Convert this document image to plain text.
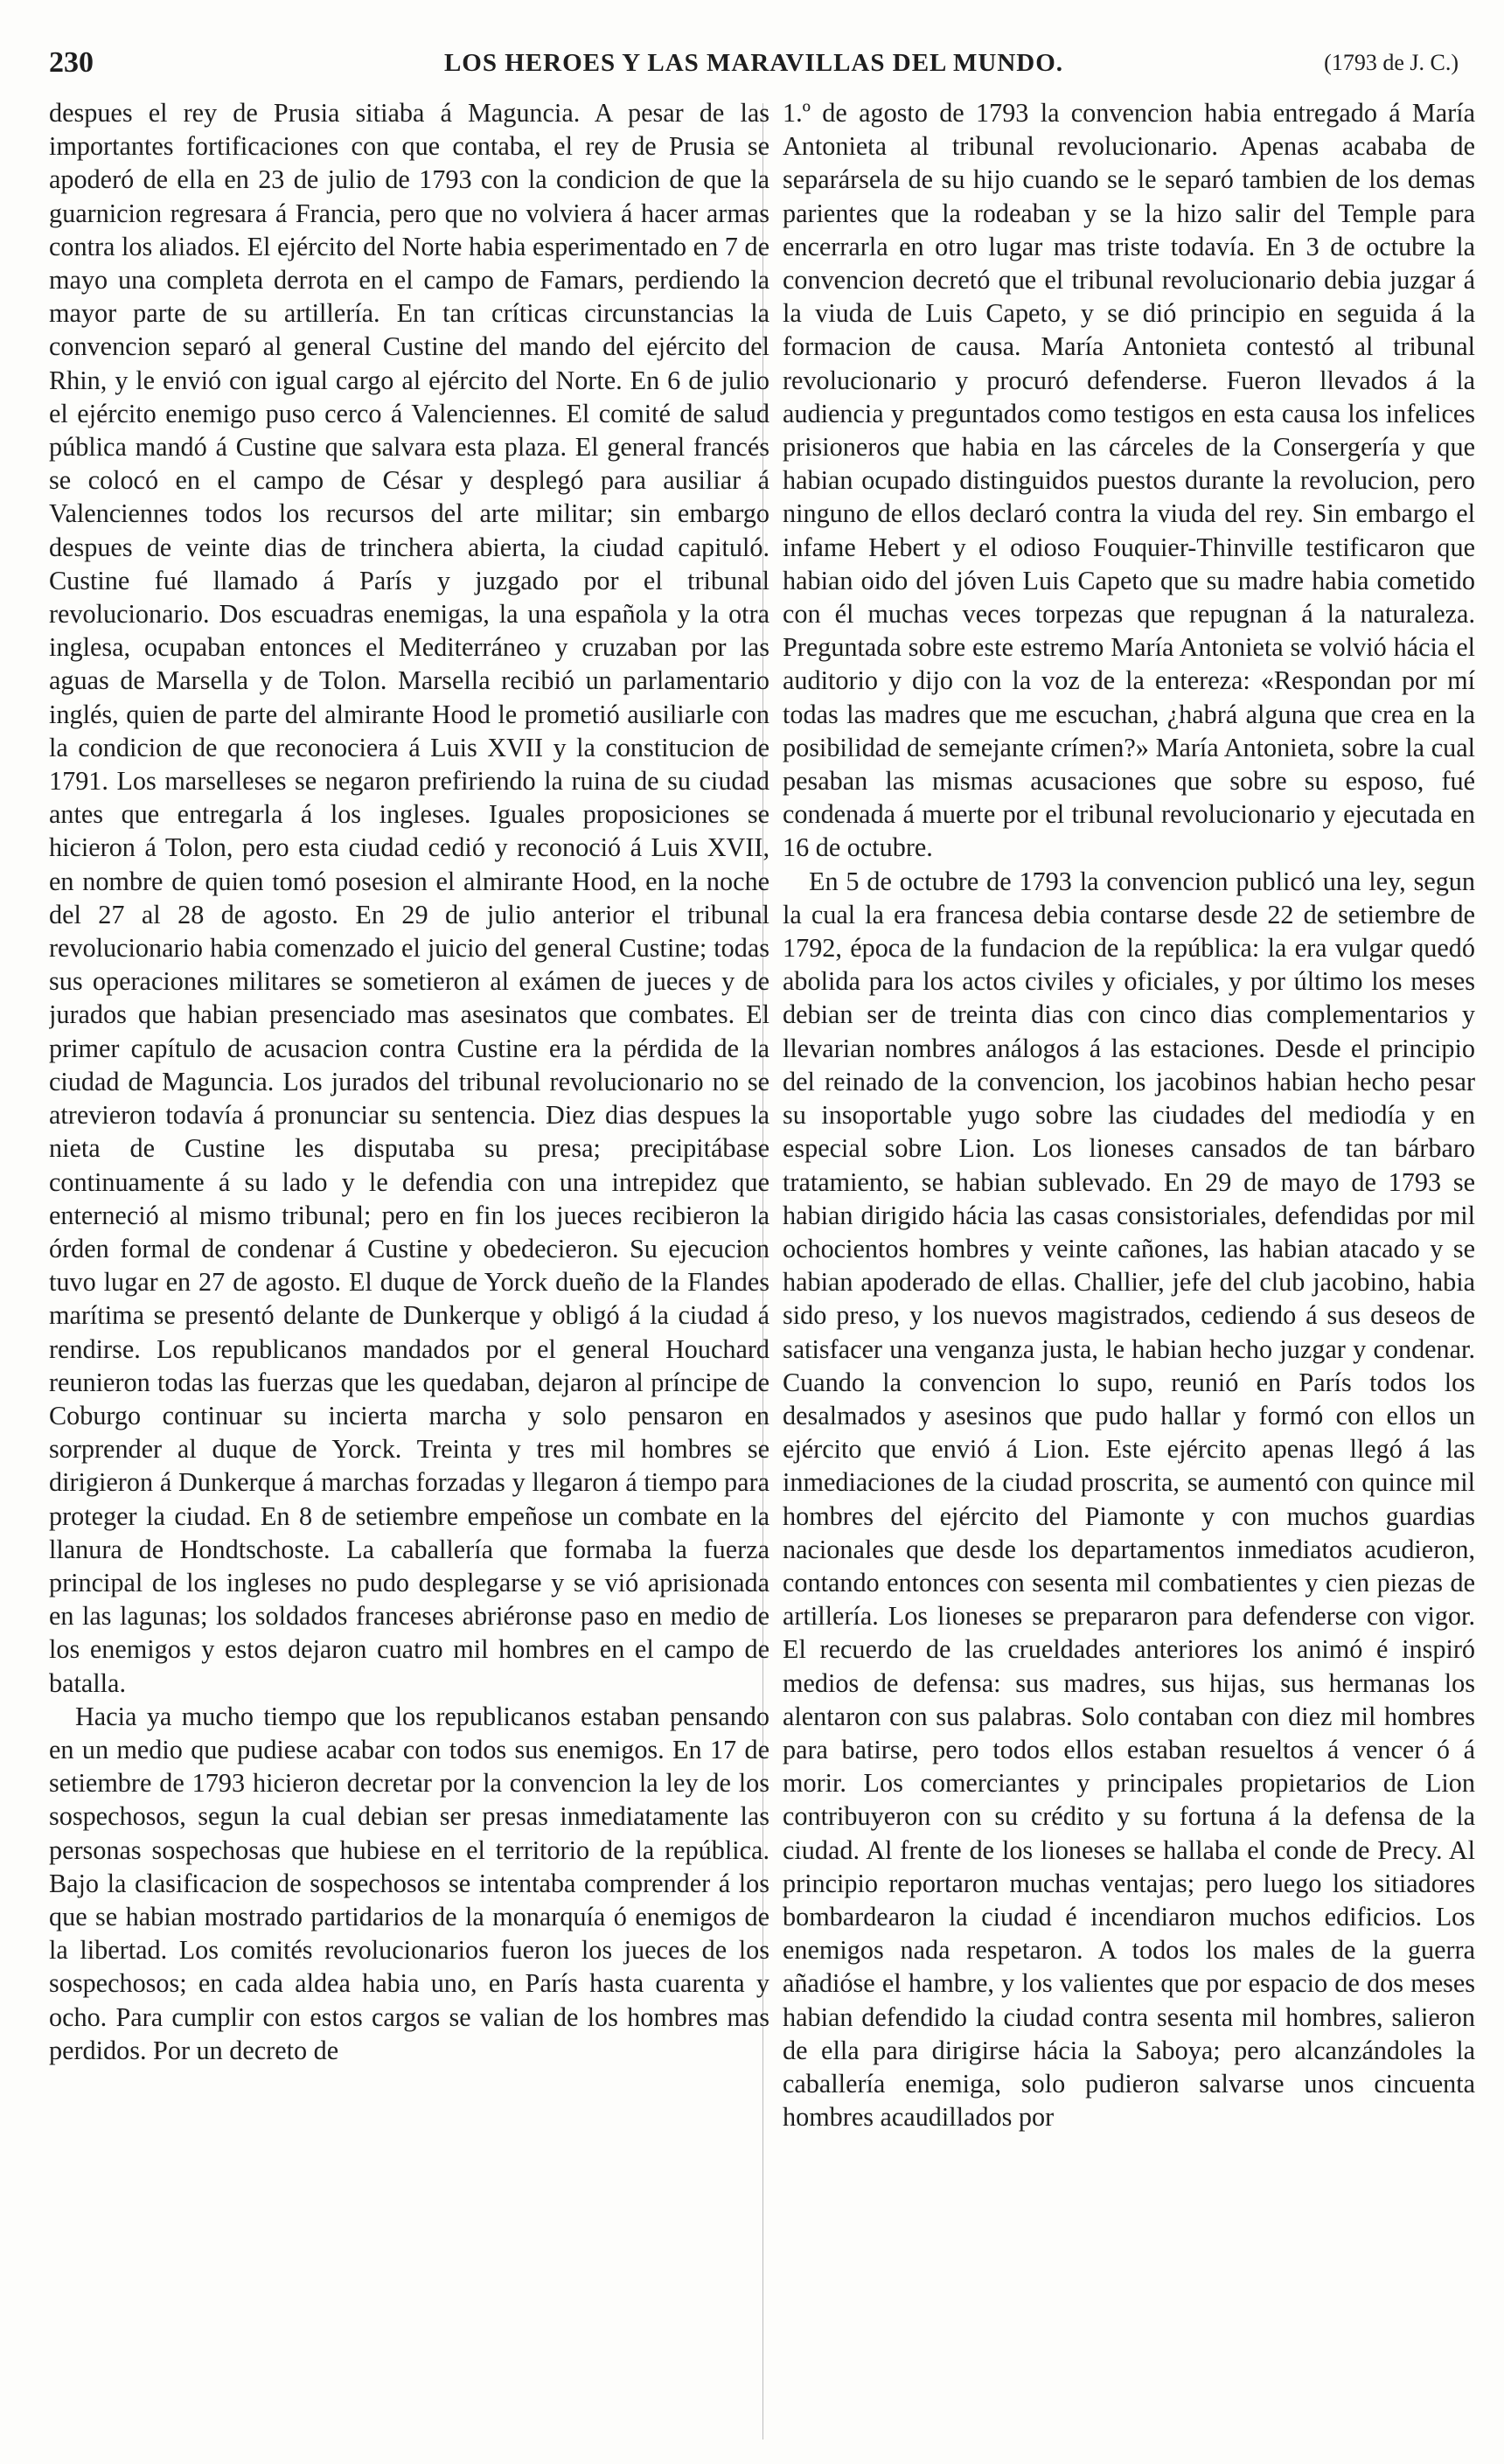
LOS HEROES Y LAS MARAVILLAS DEL MUNDO.
230	(1793 de J. C.)

despues el rey de Prusia sitiaba á Maguncia. A pesar de las importantes fortificaciones con que contaba, el rey de Prusia se apoderó de ella en 23 de julio de 1793 con la condicion de que la guarnicion regresara á Francia, pero que no volviera á hacer armas contra los aliados. El ejército del Norte habia esperimentado en 7 de mayo una completa derrota en el campo de Famars, perdiendo la mayor parte de su artillería. En tan críticas circunstancias la convencion separó al general Custine del mando del ejército del Rhin, y le envió con igual cargo al ejército del Norte. En 6 de julio el ejército enemigo puso cerco á Valenciennes. El comité de salud pública mandó á Custine que salvara esta plaza. El general francés se colocó en el campo de César y desplegó para ausiliar á Valenciennes todos los recursos del arte militar; sin embargo despues de veinte dias de trinchera abierta, la ciudad capituló. Custine fué llamado á París y juzgado por el tribunal revolucionario. Dos escuadras enemigas, la una española y la otra inglesa, ocupaban entonces el Mediterráneo y cruzaban por las aguas de Marsella y de Tolon. Marsella recibió un parlamentario inglés, quien de parte del almirante Hood le prometió ausiliarle con la condicion de que reconociera á Luis XVII y la constitucion de 1791. Los marselleses se negaron prefiriendo la ruina de su ciudad antes que entregarla á los ingleses. Iguales proposiciones se hicieron á Tolon, pero esta ciudad cedió y reconoció á Luis XVII, en nombre de quien tomó posesion el almirante Hood, en la noche del 27 al 28 de agosto. En 29 de julio anterior el tribunal revolucionario habia comenzado el juicio del general Custine; todas sus operaciones militares se sometieron al exámen de jueces y de jurados que habian presenciado mas asesinatos que combates. El primer capítulo de acusacion contra Custine era la pérdida de la ciudad de Maguncia. Los jurados del tribunal revolucionario no se atrevieron todavía á pronunciar su sentencia. Diez dias despues la nieta de Custine les disputaba su presa; precipitábase continuamente á su lado y le defendia con una intrepidez que enterneció al mismo tribunal; pero en fin los jueces recibieron la órden formal de condenar á Custine y obedecieron. Su ejecucion tuvo lugar en 27 de agosto. El duque de Yorck dueño de la Flandes marítima se presentó delante de Dunkerque y obligó á la ciudad á rendirse. Los republicanos mandados por el general Houchard reunieron todas las fuerzas que les quedaban, dejaron al príncipe de Coburgo continuar su incierta marcha y solo pensaron en sorprender al duque de Yorck. Treinta y tres mil hombres se dirigieron á Dunkerque á marchas forzadas y llegaron á tiempo para proteger la ciudad. En 8 de setiembre empeñose un combate en la llanura de Hondtschoste. La caballería que formaba la fuerza principal de los ingleses no pudo desplegarse y se vió aprisionada en las lagunas; los soldados franceses abriéronse paso en medio de los enemigos y estos dejaron cuatro mil hombres en el campo de batalla.

Hacia ya mucho tiempo que los republicanos estaban pensando en un medio que pudiese acabar con todos sus enemigos. En 17 de setiembre de 1793 hicieron decretar por la convencion la ley de los sospechosos, segun la cual debian ser presas inmediatamente las personas sospechosas que hubiese en el territorio de la república. Bajo la clasificacion de sospechosos se intentaba comprender á los que se habian mostrado partidarios de la monarquía ó enemigos de la libertad. Los comités revolucionarios fueron los jueces de los sospechosos; en cada aldea habia uno, en París hasta cuarenta y ocho. Para cumplir con estos cargos se valian de los hombres mas perdidos. Por un decreto de

1.º de agosto de 1793 la convencion habia entregado á María Antonieta al tribunal revolucionario. Apenas acababa de separársela de su hijo cuando se le separó tambien de los demas parientes que la rodeaban y se la hizo salir del Temple para encerrarla en otro lugar mas triste todavía. En 3 de octubre la convencion decretó que el tribunal revolucionario debia juzgar á la viuda de Luis Capeto, y se dió principio en seguida á la formacion de causa. María Antonieta contestó al tribunal revolucionario y procuró defenderse. Fueron llevados á la audiencia y preguntados como testigos en esta causa los infelices prisioneros que habia en las cárceles de la Consergería y que habian ocupado distinguidos puestos durante la revolucion, pero ninguno de ellos declaró contra la viuda del rey. Sin embargo el infame Hebert y el odioso Fouquier-Thinville testificaron que habian oido del jóven Luis Capeto que su madre habia cometido con él muchas veces torpezas que repugnan á la naturaleza. Preguntada sobre este estremo María Antonieta se volvió hácia el auditorio y dijo con la voz de la entereza: «Respondan por mí todas las madres que me escuchan, ¿habrá alguna que crea en la posibilidad de semejante crímen?» María Antonieta, sobre la cual pesaban las mismas acusaciones que sobre su esposo, fué condenada á muerte por el tribunal revolucionario y ejecutada en 16 de octubre.

En 5 de octubre de 1793 la convencion publicó una ley, segun la cual la era francesa debia contarse desde 22 de setiembre de 1792, época de la fundacion de la república: la era vulgar quedó abolida para los actos civiles y oficiales, y por último los meses debian ser de treinta dias con cinco dias complementarios y llevarian nombres análogos á las estaciones. Desde el principio del reinado de la convencion, los jacobinos habian hecho pesar su insoportable yugo sobre las ciudades del mediodía y en especial sobre Lion. Los lioneses cansados de tan bárbaro tratamiento, se habian sublevado. En 29 de mayo de 1793 se habian dirigido hácia las casas consistoriales, defendidas por mil ochocientos hombres y veinte cañones, las habian atacado y se habian apoderado de ellas. Challier, jefe del club jacobino, habia sido preso, y los nuevos magistrados, cediendo á sus deseos de satisfacer una venganza justa, le habian hecho juzgar y condenar. Cuando la convencion lo supo, reunió en París todos los desalmados y asesinos que pudo hallar y formó con ellos un ejército que envió á Lion. Este ejército apenas llegó á las inmediaciones de la ciudad proscrita, se aumentó con quince mil hombres del ejército del Piamonte y con muchos guardias nacionales que desde los departamentos inmediatos acudieron, contando entonces con sesenta mil combatientes y cien piezas de artillería. Los lioneses se prepararon para defenderse con vigor. El recuerdo de las crueldades anteriores los animó é inspiró medios de defensa: sus madres, sus hijas, sus hermanas los alentaron con sus palabras. Solo contaban con diez mil hombres para batirse, pero todos ellos estaban resueltos á vencer ó á morir. Los comerciantes y principales propietarios de Lion contribuyeron con su crédito y su fortuna á la defensa de la ciudad. Al frente de los lioneses se hallaba el conde de Precy. Al principio reportaron muchas ventajas; pero luego los sitiadores bombardearon la ciudad é incendiaron muchos edificios. Los enemigos nada respetaron. A todos los males de la guerra añadióse el hambre, y los valientes que por espacio de dos meses habian defendido la ciudad contra sesenta mil hombres, salieron de ella para dirigirse hácia la Saboya; pero alcanzándoles la caballería enemiga, solo pudieron salvarse unos cincuenta hombres acaudillados por
